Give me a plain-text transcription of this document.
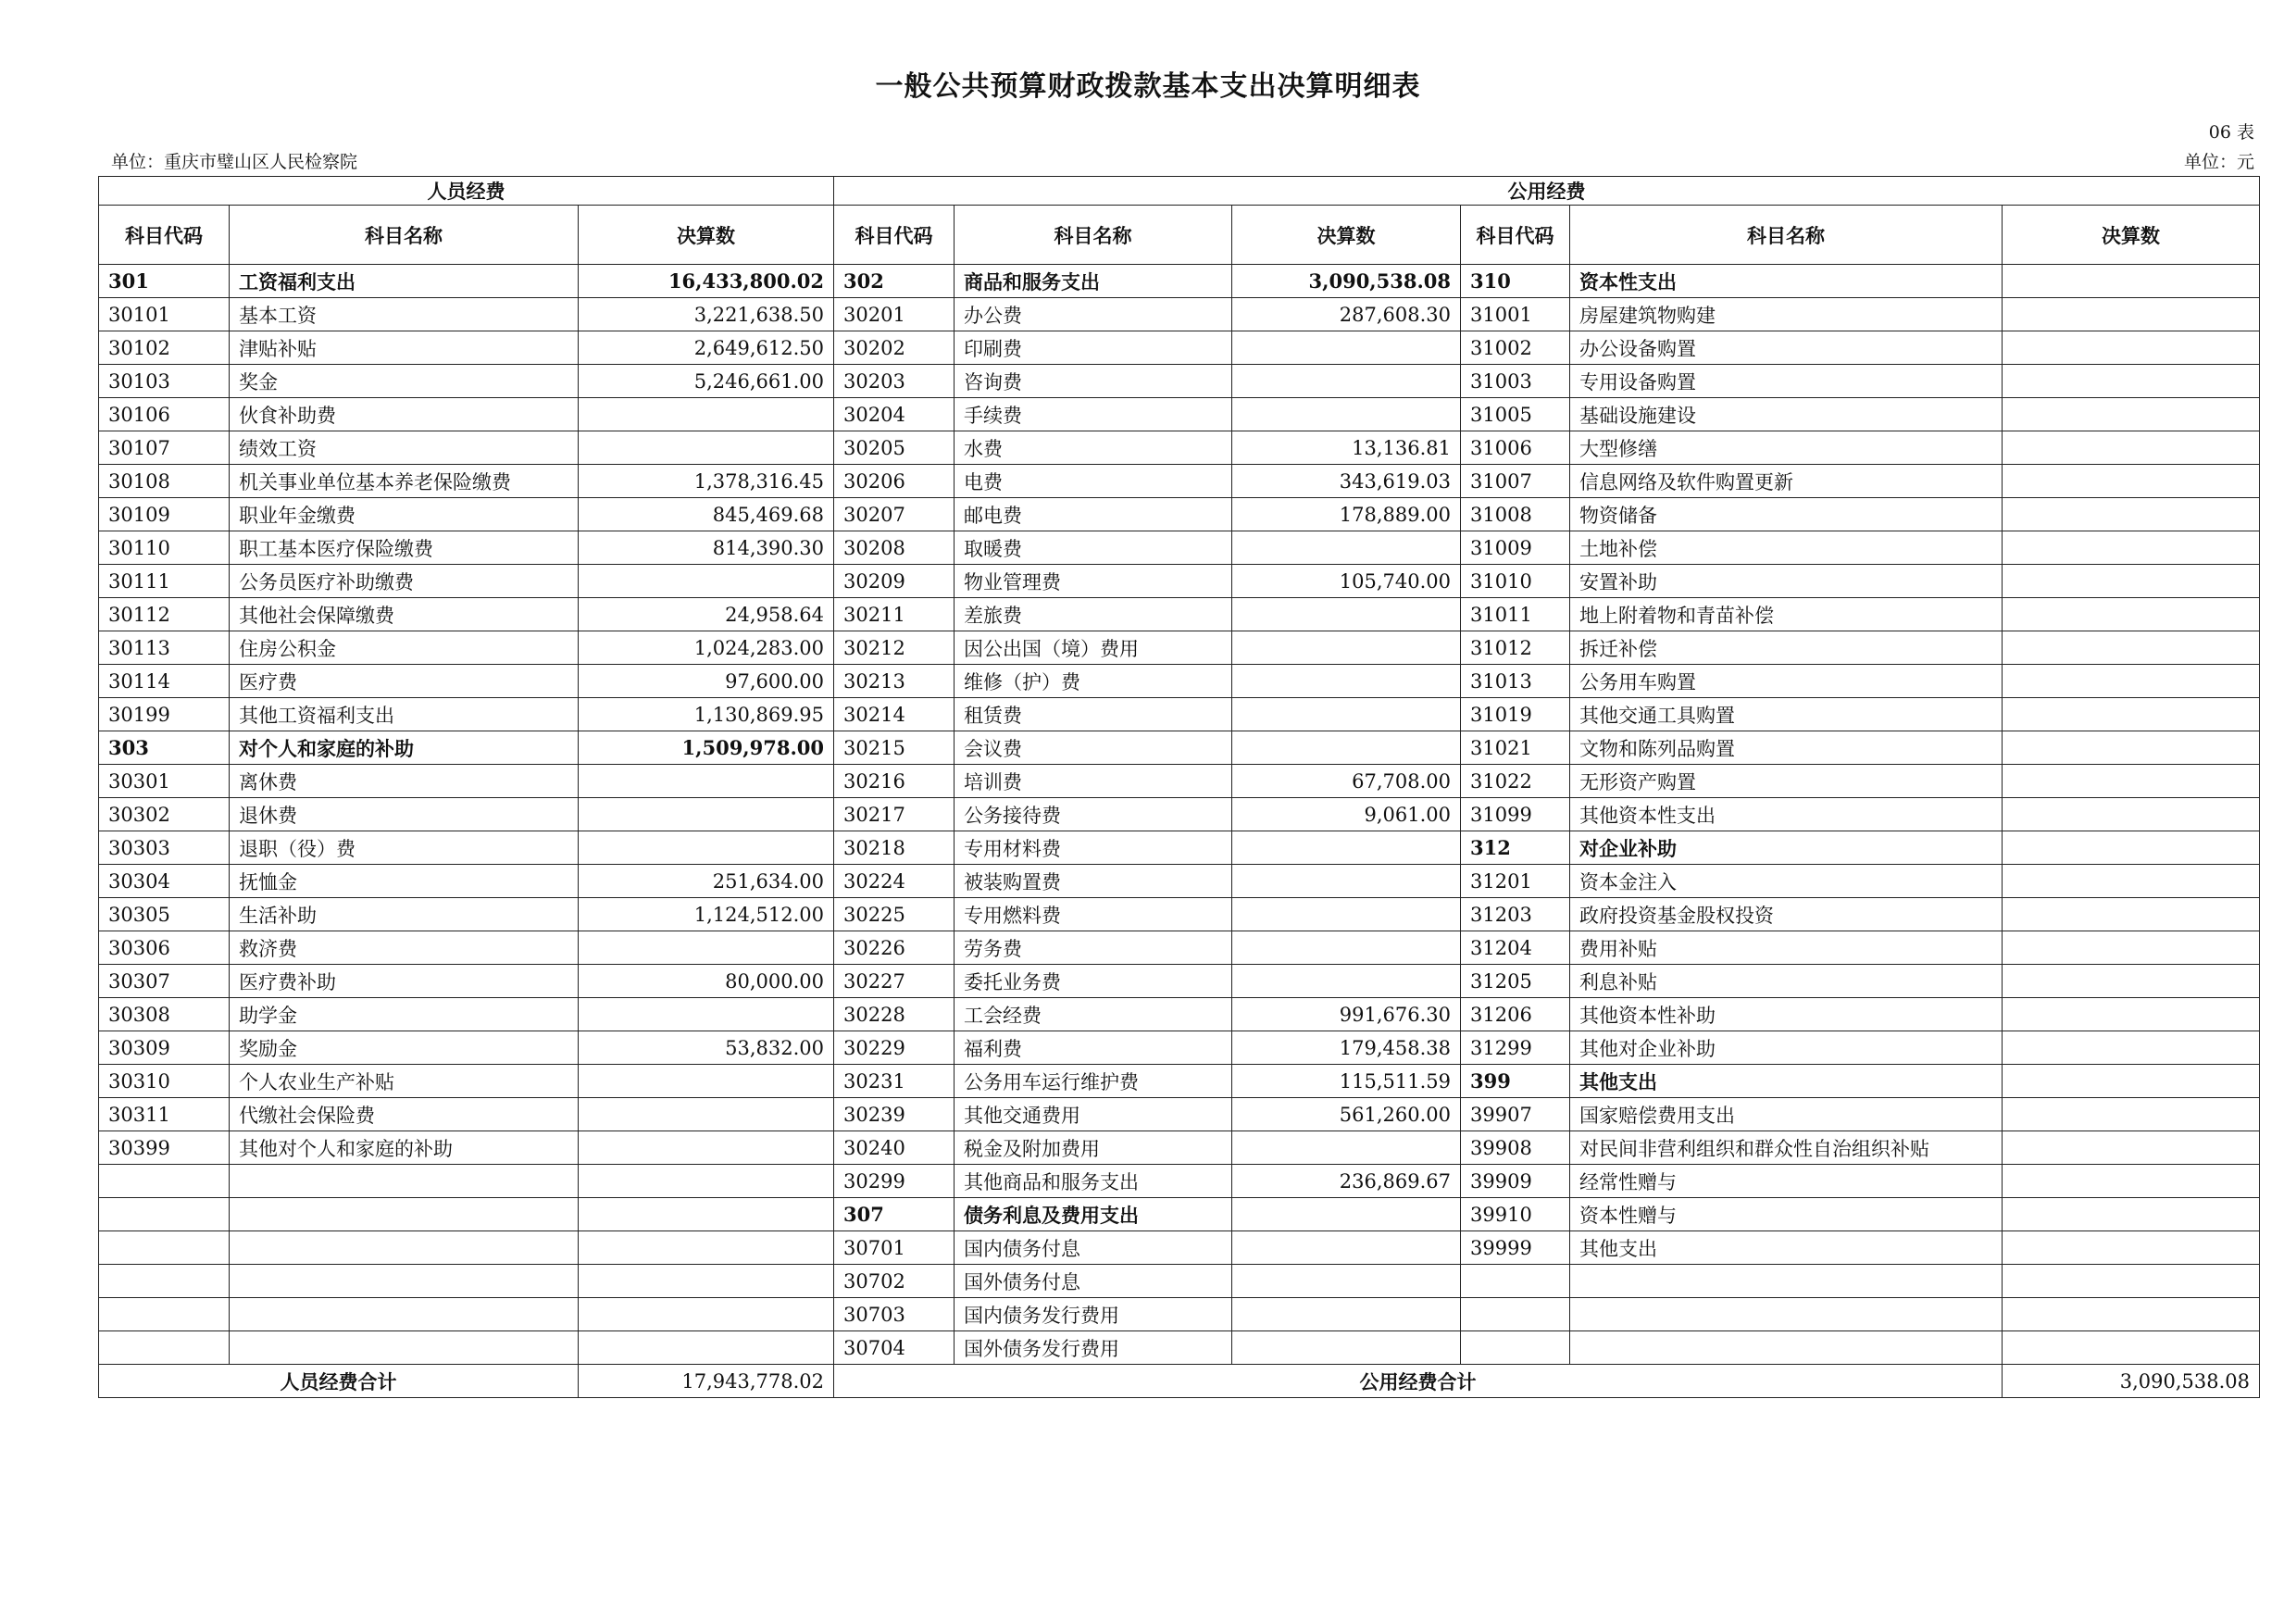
一般公共预算财政拨款基本支出决算明细表
06 表
单位：重庆市璧山区人民检察院	单位：元
人员经费			公用经费					
科目代码	科目名称	决算数	科目代码	科目名称	决算数	科目代码	科目名称	决算数
301	工资福利支出	16,433,800.02	302	商品和服务支出	3,090,538.08	310	资本性支出	
30101	基本工资	3,221,638.50	30201	办公费	287,608.30	31001	房屋建筑物购建	
30102	津贴补贴	2,649,612.50	30202	印刷费		31002	办公设备购置	
30103	奖金	5,246,661.00	30203	咨询费		31003	专用设备购置	
30106	伙食补助费		30204	手续费		31005	基础设施建设	
30107	绩效工资		30205	水费	13,136.81	31006	大型修缮	
30108	机关事业单位基本养老保险缴费	1,378,316.45	30206	电费	343,619.03	31007	信息网络及软件购置更新	
30109	职业年金缴费	845,469.68	30207	邮电费	178,889.00	31008	物资储备	
30110	职工基本医疗保险缴费	814,390.30	30208	取暖费		31009	土地补偿	
30111	公务员医疗补助缴费		30209	物业管理费	105,740.00	31010	安置补助	
30112	其他社会保障缴费	24,958.64	30211	差旅费		31011	地上附着物和青苗补偿	
30113	住房公积金	1,024,283.00	30212	因公出国（境）费用		31012	拆迁补偿	
30114	医疗费	97,600.00	30213	维修（护）费		31013	公务用车购置	
30199	其他工资福利支出	1,130,869.95	30214	租赁费		31019	其他交通工具购置	
303	对个人和家庭的补助	1,509,978.00	30215	会议费		31021	文物和陈列品购置	
30301	离休费		30216	培训费	67,708.00	31022	无形资产购置	
30302	退休费		30217	公务接待费	9,061.00	31099	其他资本性支出	
30303	退职（役）费		30218	专用材料费		312	对企业补助	
30304	抚恤金	251,634.00	30224	被装购置费		31201	资本金注入	
30305	生活补助	1,124,512.00	30225	专用燃料费		31203	政府投资基金股权投资	
30306	救济费		30226	劳务费		31204	费用补贴	
30307	医疗费补助	80,000.00	30227	委托业务费		31205	利息补贴	
30308	助学金		30228	工会经费	991,676.30	31206	其他资本性补助	
30309	奖励金	53,832.00	30229	福利费	179,458.38	31299	其他对企业补助	
30310	个人农业生产补贴		30231	公务用车运行维护费	115,511.59	399	其他支出	
30311	代缴社会保险费		30239	其他交通费用	561,260.00	39907	国家赔偿费用支出	
30399	其他对个人和家庭的补助		30240	税金及附加费用		39908	对民间非营利组织和群众性自治组织补贴	
			30299	其他商品和服务支出	236,869.67	39909	经常性赠与	
			307	债务利息及费用支出		39910	资本性赠与	
			30701	国内债务付息		39999	其他支出	
			30702	国外债务付息				
			30703	国内债务发行费用				
			30704	国外债务发行费用				
人员经费合计		17,943,778.02	公用经费合计					3,090,538.08
